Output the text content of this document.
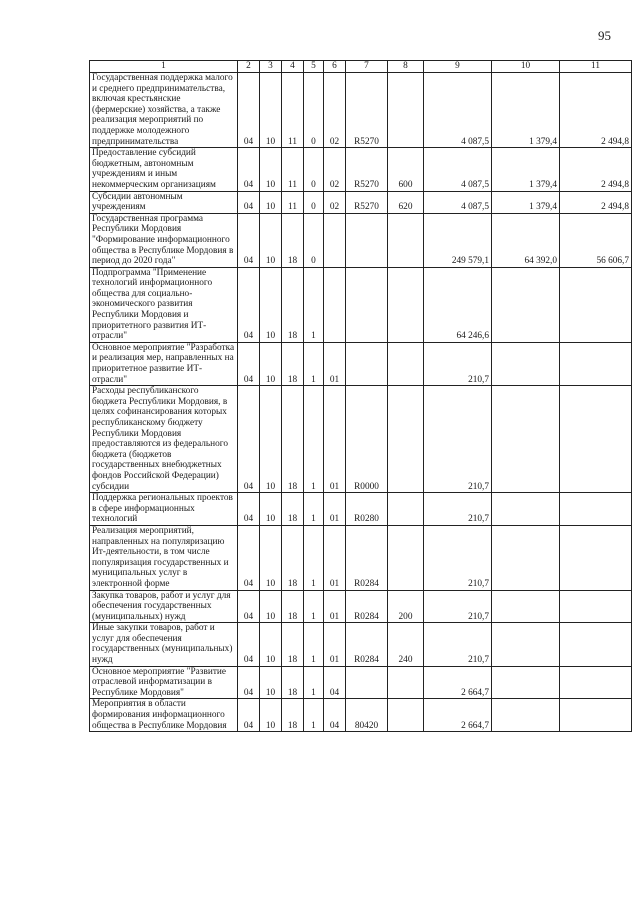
95
1	2	3	4	5	6	7	8	9	10	11
Государственная поддержка малого и среднего предпринимательства, включая крестьянские (фермерские) хозяйства, а также реализация мероприятий по поддержке молодежного предпринимательства	04	10	11	0	02	R5270		4 087,5	1 379,4	2 494,8
Предоставление субсидий бюджетным, автономным учреждениям и иным некоммерческим организациям	04	10	11	0	02	R5270	600	4 087,5	1 379,4	2 494,8
Субсидии автономным учреждениям	04	10	11	0	02	R5270	620	4 087,5	1 379,4	2 494,8
Государственная программа Республики Мордовия "Формирование информационного общества в Республике Мордовия в период до 2020 года"	04	10	18	0				249 579,1	64 392,0	56 606,7
Подпрограмма "Применение технологий информационного общества для социально-экономического развития Республики Мордовия и приоритетного развития ИТ-отрасли"	04	10	18	1				64 246,6		
Основное мероприятие "Разработка и реализация мер, направленных на приоритетное развитие ИТ-отрасли"	04	10	18	1	01			210,7		
Расходы республиканского бюджета Республики Мордовия, в целях софинансирования которых республиканскому бюджету Республики Мордовия предоставляются из федерального бюджета (бюджетов государственных внебюджетных фондов Российской Федерации) субсидии	04	10	18	1	01	R0000		210,7		
Поддержка региональных проектов в сфере информационных технологий	04	10	18	1	01	R0280		210,7		
Реализация мероприятий, направленных на популяризацию Ит-деятельности, в том числе популяризация государственных и муниципальных услуг в электронной форме	04	10	18	1	01	R0284		210,7		
Закупка товаров, работ и услуг для обеспечения государственных (муниципальных) нужд	04	10	18	1	01	R0284	200	210,7		
Иные закупки товаров, работ и услуг для обеспечения государственных (муниципальных) нужд	04	10	18	1	01	R0284	240	210,7		
Основное мероприятие "Развитие отраслевой информатизации в Республике Мордовия"	04	10	18	1	04			2 664,7		
Мероприятия в области формирования информационного общества в Республике Мордовия	04	10	18	1	04	80420		2 664,7		
